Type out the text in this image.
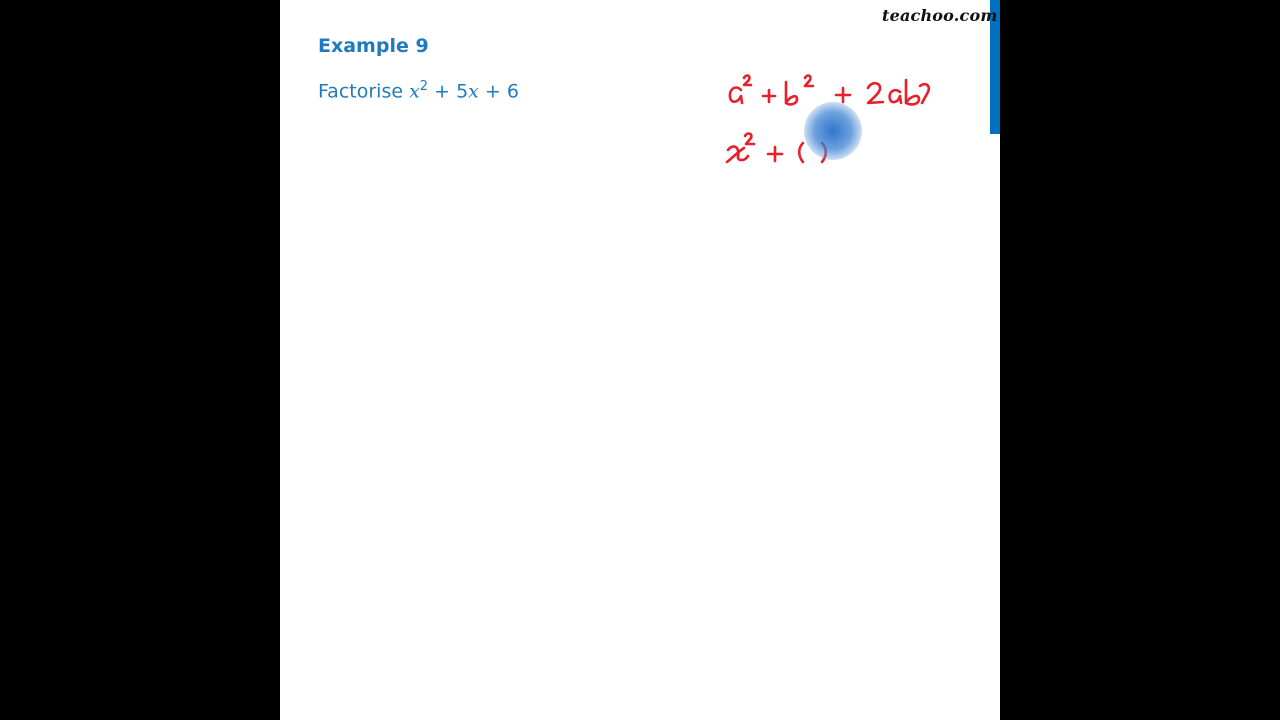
teachoo.com
Example 9
Factorise $x^2 + 5x + 6$
